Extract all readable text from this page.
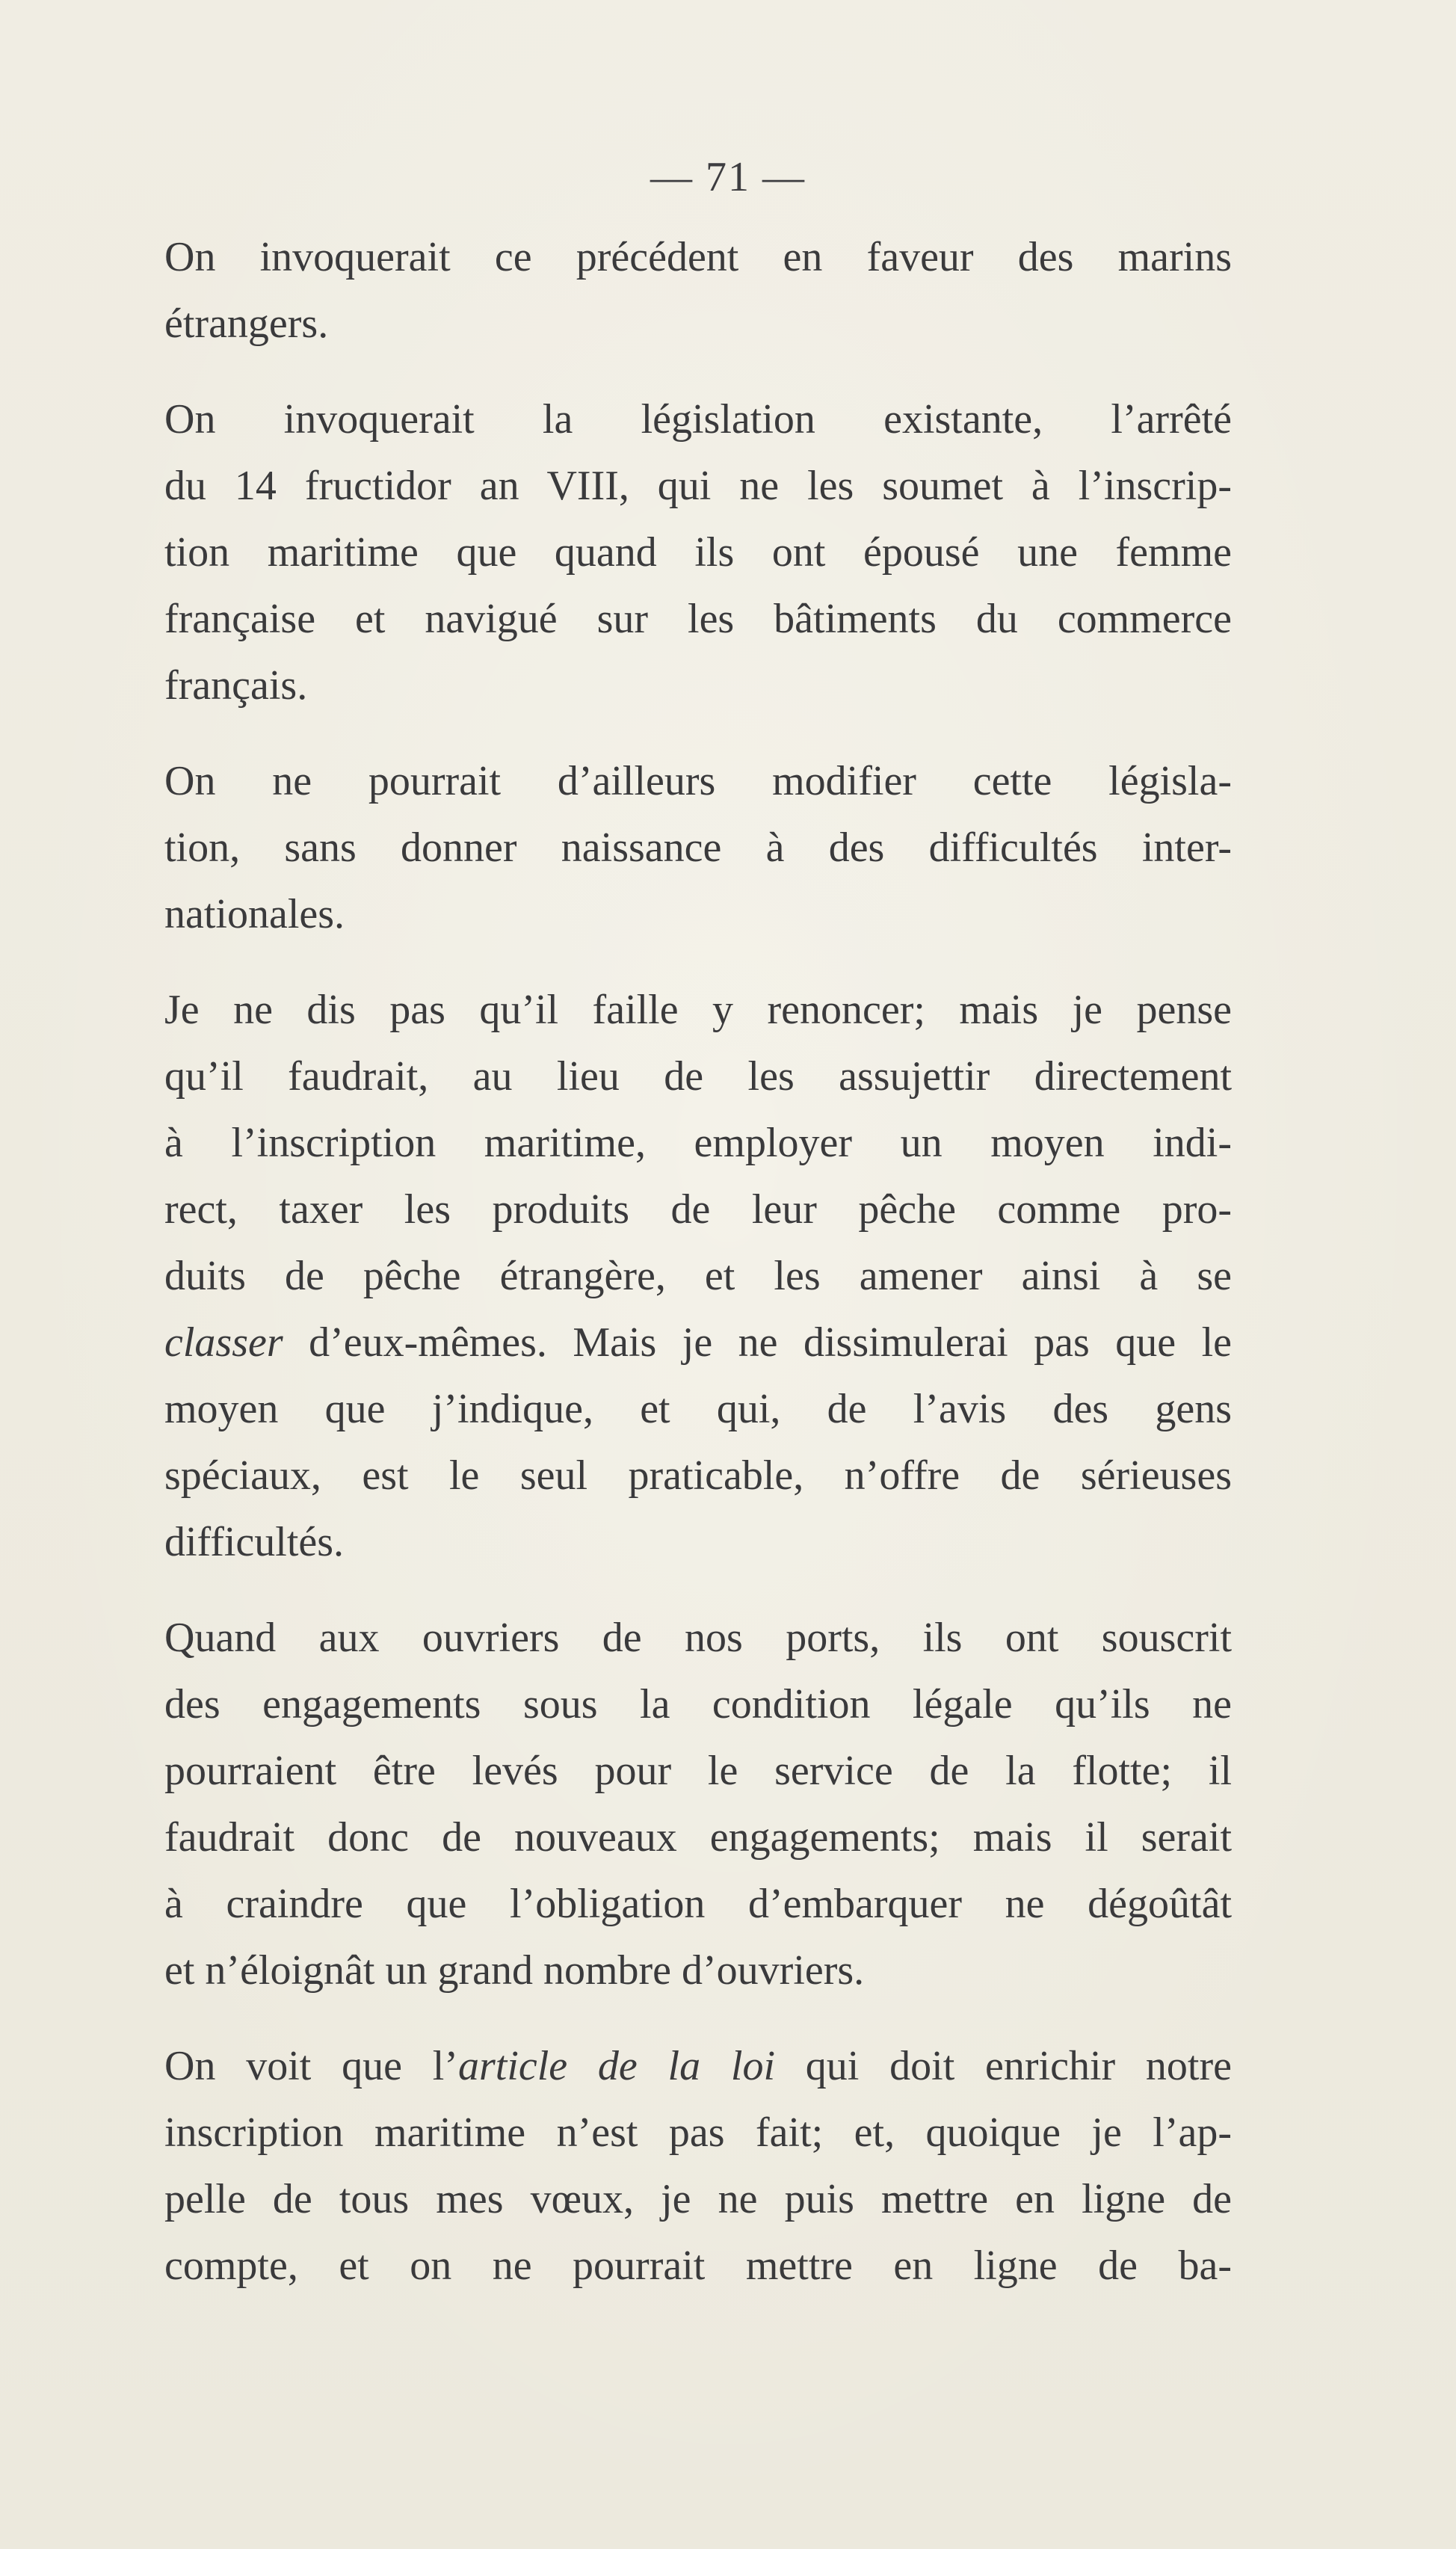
— 71 —
On invoquerait ce précédent en faveur des marins
étrangers.
On invoquerait la législation existante, l’arrêté
du 14 fructidor an VIII, qui ne les soumet à l’inscrip-
tion maritime que quand ils ont épousé une femme
française et navigué sur les bâtiments du commerce
français.
On ne pourrait d’ailleurs modifier cette législa-
tion, sans donner naissance à des difficultés inter-
nationales.
Je ne dis pas qu’il faille y renoncer; mais je pense
qu’il faudrait, au lieu de les assujettir directement
à l’inscription maritime, employer un moyen indi-
rect, taxer les produits de leur pêche comme pro-
duits de pêche étrangère, et les amener ainsi à se
classer d’eux-mêmes. Mais je ne dissimulerai pas que le
moyen que j’indique, et qui, de l’avis des gens
spéciaux, est le seul praticable, n’offre de sérieuses
difficultés.
Quand aux ouvriers de nos ports, ils ont souscrit
des engagements sous la condition légale qu’ils ne
pourraient être levés pour le service de la flotte; il
faudrait donc de nouveaux engagements; mais il serait
à craindre que l’obligation d’embarquer ne dégoûtât
et n’éloignât un grand nombre d’ouvriers.
On voit que l’article de la loi qui doit enrichir notre
inscription maritime n’est pas fait; et, quoique je l’ap-
pelle de tous mes vœux, je ne puis mettre en ligne de
compte, et on ne pourrait mettre en ligne de ba-
